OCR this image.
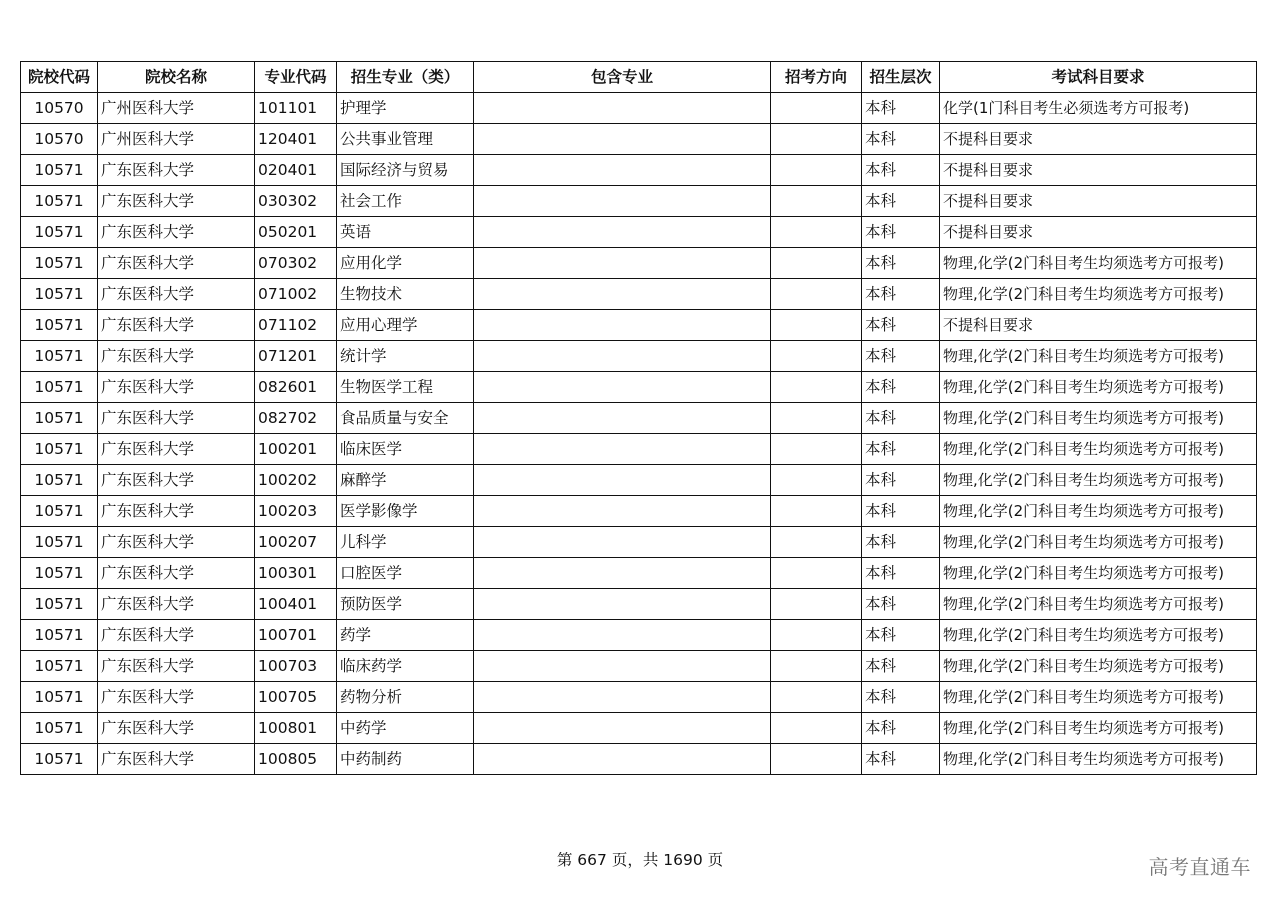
院校代码	院校名称	专业代码	招生专业（类）	包含专业	招考方向	招生层次	考试科目要求
10570	广州医科大学	101101	护理学			本科	化学(1门科目考生必须选考方可报考)
10570	广州医科大学	120401	公共事业管理			本科	不提科目要求
10571	广东医科大学	020401	国际经济与贸易			本科	不提科目要求
10571	广东医科大学	030302	社会工作			本科	不提科目要求
10571	广东医科大学	050201	英语			本科	不提科目要求
10571	广东医科大学	070302	应用化学			本科	物理,化学(2门科目考生均须选考方可报考)
10571	广东医科大学	071002	生物技术			本科	物理,化学(2门科目考生均须选考方可报考)
10571	广东医科大学	071102	应用心理学			本科	不提科目要求
10571	广东医科大学	071201	统计学			本科	物理,化学(2门科目考生均须选考方可报考)
10571	广东医科大学	082601	生物医学工程			本科	物理,化学(2门科目考生均须选考方可报考)
10571	广东医科大学	082702	食品质量与安全			本科	物理,化学(2门科目考生均须选考方可报考)
10571	广东医科大学	100201	临床医学			本科	物理,化学(2门科目考生均须选考方可报考)
10571	广东医科大学	100202	麻醉学			本科	物理,化学(2门科目考生均须选考方可报考)
10571	广东医科大学	100203	医学影像学			本科	物理,化学(2门科目考生均须选考方可报考)
10571	广东医科大学	100207	儿科学			本科	物理,化学(2门科目考生均须选考方可报考)
10571	广东医科大学	100301	口腔医学			本科	物理,化学(2门科目考生均须选考方可报考)
10571	广东医科大学	100401	预防医学			本科	物理,化学(2门科目考生均须选考方可报考)
10571	广东医科大学	100701	药学			本科	物理,化学(2门科目考生均须选考方可报考)
10571	广东医科大学	100703	临床药学			本科	物理,化学(2门科目考生均须选考方可报考)
10571	广东医科大学	100705	药物分析			本科	物理,化学(2门科目考生均须选考方可报考)
10571	广东医科大学	100801	中药学			本科	物理,化学(2门科目考生均须选考方可报考)
10571	广东医科大学	100805	中药制药			本科	物理,化学(2门科目考生均须选考方可报考)
第 667 页，共 1690 页	高考直通车
